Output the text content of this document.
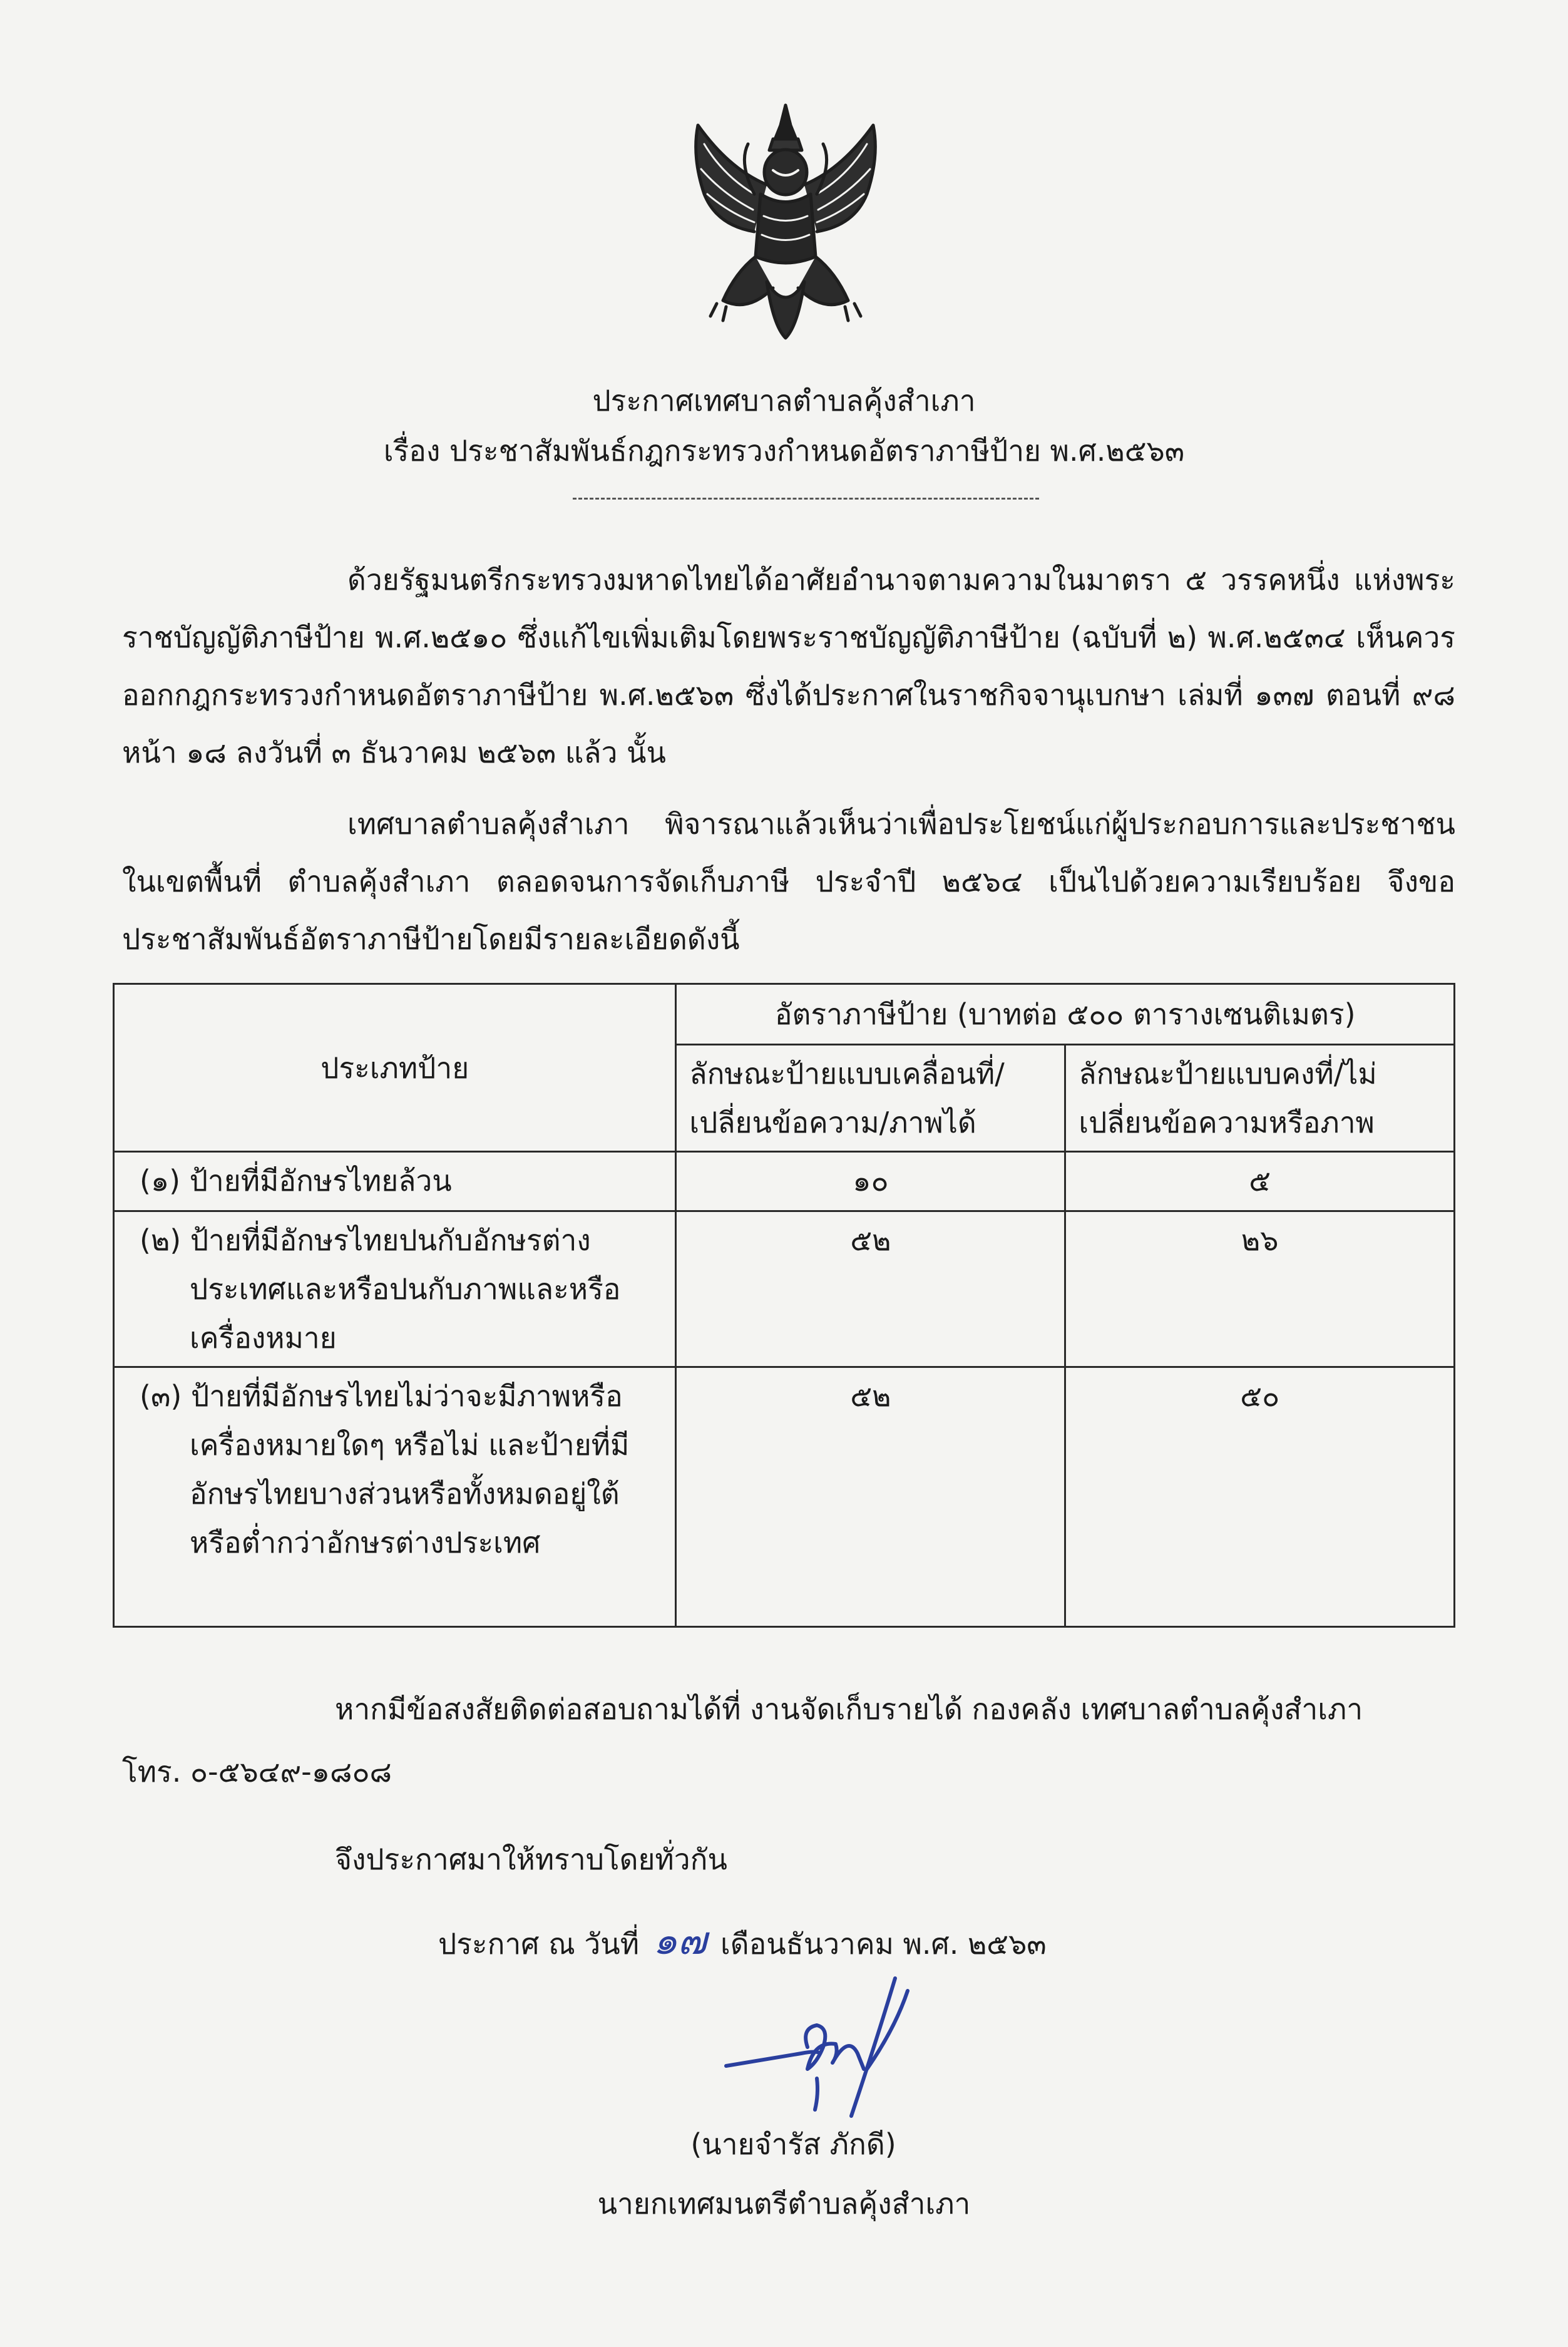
ประกาศเทศบาลตำบลคุ้งสำเภา
เรื่อง ประชาสัมพันธ์กฎกระทรวงกำหนดอัตราภาษีป้าย พ.ศ.๒๕๖๓
ด้วยรัฐมนตรีกระทรวงมหาดไทยได้อาศัยอำนาจตามความในมาตรา ๕ วรรคหนึ่ง แห่งพระราชบัญญัติภาษีป้าย พ.ศ.๒๕๑๐ ซึ่งแก้ไขเพิ่มเติมโดยพระราชบัญญัติภาษีป้าย (ฉบับที่ ๒) พ.ศ.๒๕๓๔ เห็นควรออกกฎกระทรวงกำหนดอัตราภาษีป้าย พ.ศ.๒๕๖๓ ซึ่งได้ประกาศในราชกิจจานุเบกษา เล่มที่ ๑๓๗ ตอนที่ ๙๘ หน้า ๑๘ ลงวันที่ ๓ ธันวาคม ๒๕๖๓ แล้ว นั้น
เทศบาลตำบลคุ้งสำเภา พิจารณาแล้วเห็นว่าเพื่อประโยชน์แก่ผู้ประกอบการและประชาชน ในเขตพื้นที่ ตำบลคุ้งสำเภา ตลอดจนการจัดเก็บภาษี ประจำปี ๒๕๖๔ เป็นไปด้วยความเรียบร้อย จึงขอประชาสัมพันธ์อัตราภาษีป้ายโดยมีรายละเอียดดังนี้
ประเภทป้าย	อัตราภาษีป้าย (บาทต่อ ๕๐๐ ตารางเซนติเมตร)	
	ลักษณะป้ายแบบเคลื่อนที่/เปลี่ยนข้อความ/ภาพได้	ลักษณะป้ายแบบคงที่/ไม่เปลี่ยนข้อความหรือภาพ
(๑) ป้ายที่มีอักษรไทยล้วน	๑๐	๕
(๒) ป้ายที่มีอักษรไทยปนกับอักษรต่างประเทศและหรือปนกับภาพและหรือเครื่องหมาย	๕๒	๒๖
(๓) ป้ายที่มีอักษรไทยไม่ว่าจะมีภาพหรือเครื่องหมายใดๆ หรือไม่ และป้ายที่มีอักษรไทยบางส่วนหรือทั้งหมดอยู่ใต้หรือต่ำกว่าอักษรต่างประเทศ	๕๒	๕๐
หากมีข้อสงสัยติดต่อสอบถามได้ที่ งานจัดเก็บรายได้ กองคลัง เทศบาลตำบลคุ้งสำเภา
โทร. ๐-๕๖๔๙-๑๘๐๘
จึงประกาศมาให้ทราบโดยทั่วกัน
ประกาศ ณ วันที่ ๑๗ เดือนธันวาคม พ.ศ. ๒๕๖๓
(นายจำรัส ภักดี)
นายกเทศมนตรีตำบลคุ้งสำเภา
